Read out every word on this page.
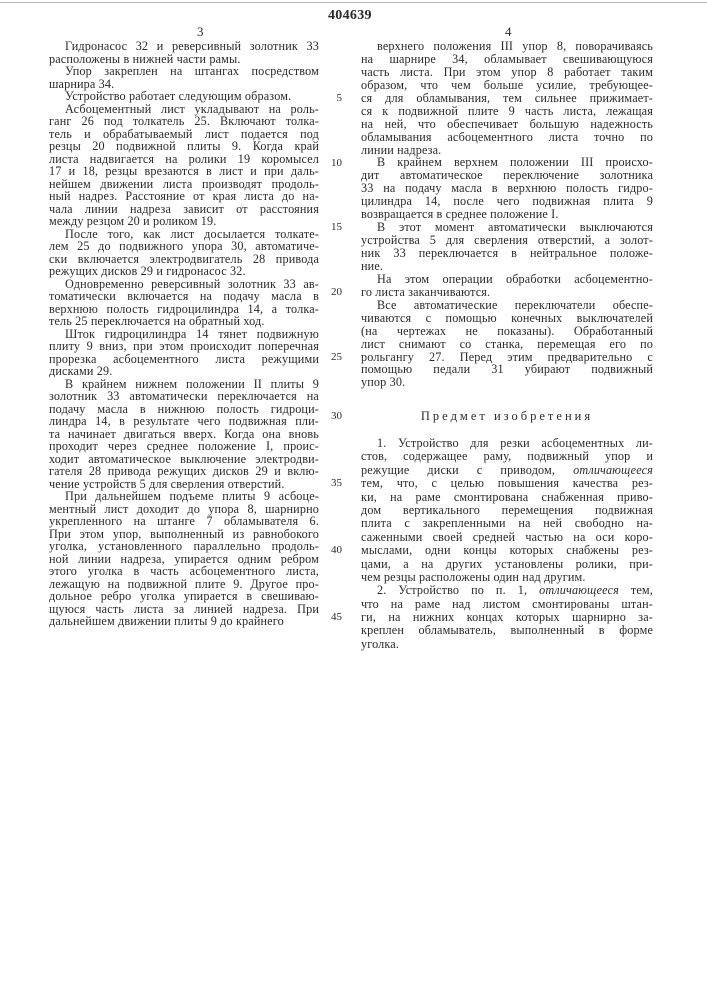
404639
3	4
Гидронасос 32 и реверсивный золотник 33
расположены в нижней части рамы.
Упор закреплен на штангах посредством
шарнира 34.
Устройство работает следующим образом.
Асбоцементный лист укладывают на роль-
ганг 26 под толкатель 25. Включают толка-
тель и обрабатываемый лист подается под
резцы 20 подвижной плиты 9. Когда край
листа надвигается на ролики 19 коромысел
17 и 18, резцы врезаются в лист и при даль-
нейшем движении листа производят продоль-
ный надрез. Расстояние от края листа до на-
чала линии надреза зависит от расстояния
между резцом 20 и роликом 19.
После того, как лист досылается толкате-
лем 25 до подвижного упора 30, автоматиче-
ски включается электродвигатель 28 привода
режущих дисков 29 и гидронасос 32.
Одновременно реверсивный золотник 33 ав-
томатически включается на подачу масла в
верхнюю полость гидроцилиндра 14, а толка-
тель 25 переключается на обратный ход.
Шток гидроцилиндра 14 тянет подвижную
плиту 9 вниз, при этом происходит поперечная
прорезка асбоцементного листа режущими
дисками 29.
В крайнем нижнем положении II плиты 9
золотник 33 автоматически переключается на
подачу масла в нижнюю полость гидроци-
линдра 14, в результате чего подвижная пли-
та начинает двигаться вверх. Когда она вновь
проходит через среднее положение I, проис-
ходит автоматическое выключение электродви-
гателя 28 привода режущих дисков 29 и вклю-
чение устройств 5 для сверления отверстий.
При дальнейшем подъеме плиты 9 асбоце-
ментный лист доходит до упора 8, шарнирно
укрепленного на штанге 7 обламывателя 6.
При этом упор, выполненный из равнобокого
уголка, установленного параллельно продоль-
ной линии надреза, упирается одним ребром
этого уголка в часть асбоцементного листа,
лежащую на подвижной плите 9. Другое про-
дольное ребро уголка упирается в свешиваю-
щуюся часть листа за линией надреза. При
дальнейшем движении плиты 9 до крайнего
верхнего положения III упор 8, поворачиваясь
на шарнире 34, обламывает свешивающуюся
часть листа. При этом упор 8 работает таким
образом, что чем больше усилие, требующее-
ся для обламывания, тем сильнее прижимает-
ся к подвижной плите 9 часть листа, лежащая
на ней, что обеспечивает большую надежность
обламывания асбоцементного листа точно по
линии надреза.
В крайнем верхнем положении III происхо-
дит автоматическое переключение золотника
33 на подачу масла в верхнюю полость гидро-
цилиндра 14, после чего подвижная плита 9
возвращается в среднее положение I.
В этот момент автоматически выключаются
устройства 5 для сверления отверстий, а золот-
ник 33 переключается в нейтральное положе-
ние.
На этом операции обработки асбоцементно-
го листа заканчиваются.
Все автоматические переключатели обеспе-
чиваются с помощью конечных выключателей
(на чертежах не показаны). Обработанный
лист снимают со станка, перемещая его по
рольгангу 27. Перед этим предварительно с
помощью педали 31 убирают подвижный
упор 30.
Предмет изобретения
1. Устройство для резки асбоцементных ли-
стов, содержащее раму, подвижный упор и
режущие диски с приводом, отличающееся
тем, что, с целью повышения качества рез-
ки, на раме смонтирована снабженная приво-
дом вертикального перемещения подвижная
плита с закрепленными на ней свободно на-
саженными своей средней частью на оси коро-
мыслами, одни концы которых снабжены рез-
цами, а на других установлены ролики, при-
чем резцы расположены один над другим.
2. Устройство по п. 1, отличающееся тем,
что на раме над листом смонтированы штан-
ги, на нижних концах которых шарнирно за-
креплен обламыватель, выполненный в форме
уголка.
5
10
15
20
25
30
35
40
45
